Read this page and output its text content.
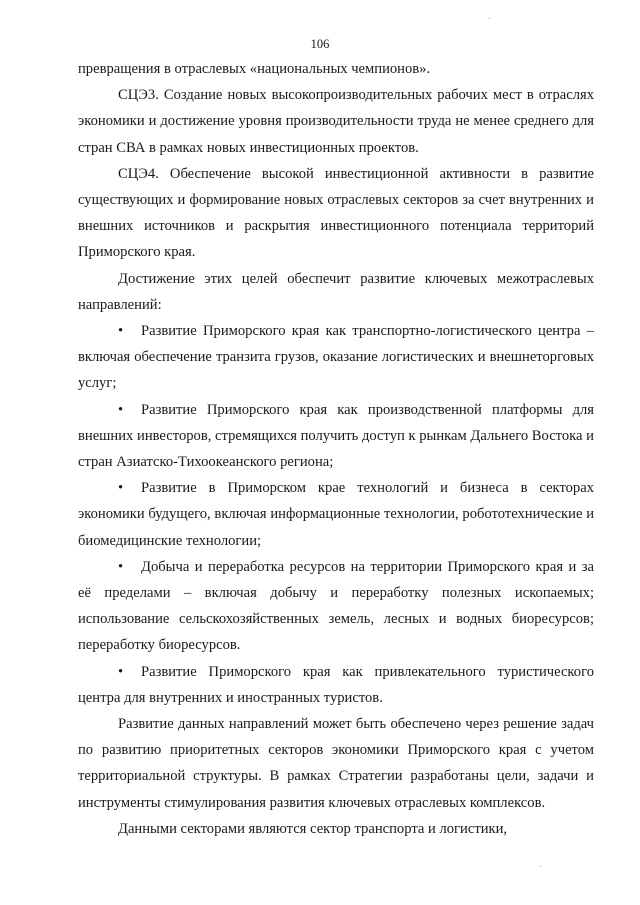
106

превращения в отраслевых «национальных чемпионов».

СЦЭ3. Создание новых высокопроизводительных рабочих мест в отраслях экономики и достижение уровня производительности труда не менее среднего для стран СВА в рамках новых инвестиционных проектов.

СЦЭ4. Обеспечение высокой инвестиционной активности в развитие существующих и формирование новых отраслевых секторов за счет внутренних и внешних источников и раскрытия инвестиционного потенциала территорий Приморского края.

Достижение этих целей обеспечит развитие ключевых межотраслевых направлений:

• Развитие Приморского края как транспортно-логистического центра – включая обеспечение транзита грузов, оказание логистических и внешнеторговых услуг;

• Развитие Приморского края как производственной платформы для внешних инвесторов, стремящихся получить доступ к рынкам Дальнего Востока и стран Азиатско-Тихоокеанского региона;

• Развитие в Приморском крае технологий и бизнеса в секторах экономики будущего, включая информационные технологии, робототехнические и биомедицинские технологии;

• Добыча и переработка ресурсов на территории Приморского края и за её пределами – включая добычу и переработку полезных ископаемых; использование сельскохозяйственных земель, лесных и водных биоресурсов; переработку биоресурсов.

• Развитие Приморского края как привлекательного туристического центра для внутренних и иностранных туристов.

Развитие данных направлений может быть обеспечено через решение задач по развитию приоритетных секторов экономики Приморского края с учетом территориальной структуры. В рамках Стратегии разработаны цели, задачи и инструменты стимулирования развития ключевых отраслевых комплексов.

Данными секторами являются сектор транспорта и логистики,
